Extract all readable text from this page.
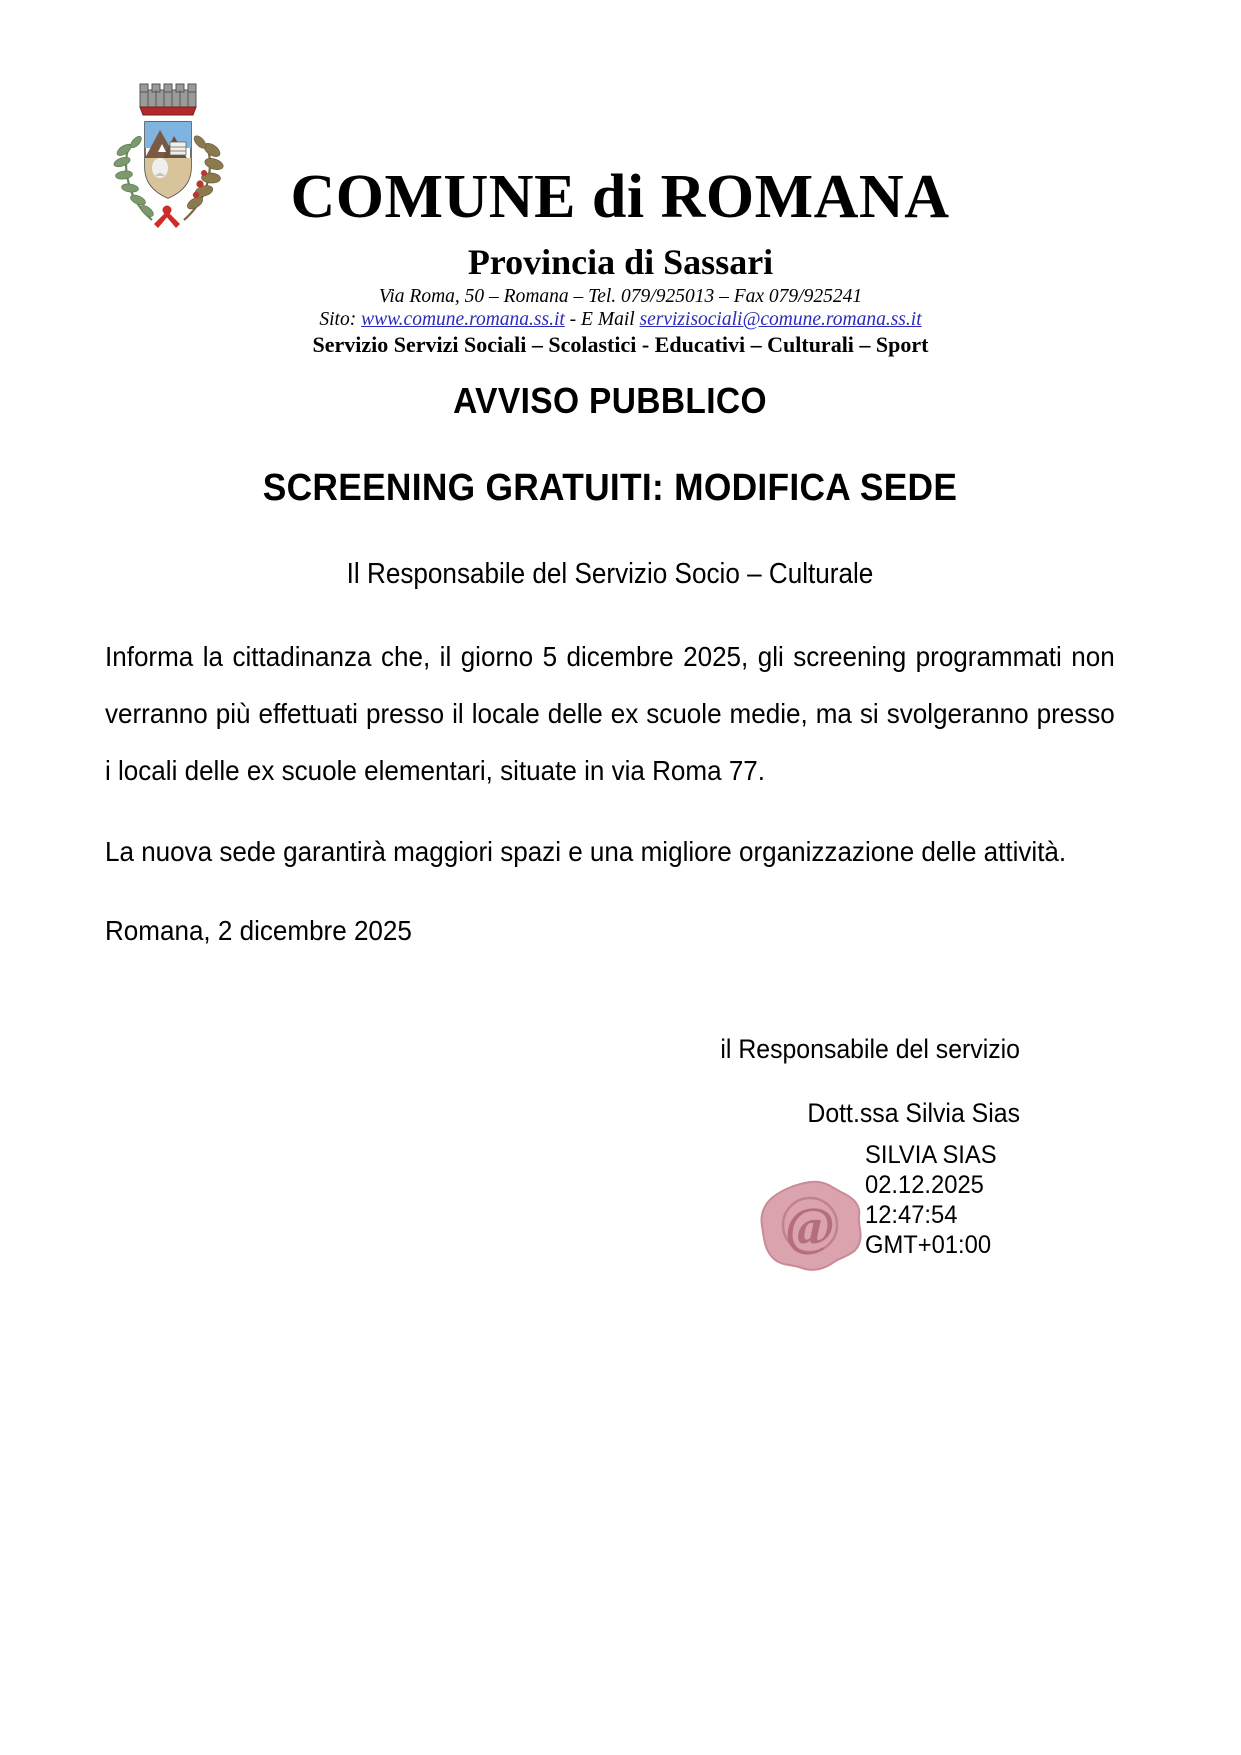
COMUNE di ROMANA
Provincia di Sassari
Via Roma, 50 – Romana – Tel. 079/925013 – Fax 079/925241
Sito: www.comune.romana.ss.it - E Mail servizisociali@comune.romana.ss.it
Servizio Servizi Sociali – Scolastici - Educativi – Culturali – Sport
AVVISO PUBBLICO
SCREENING GRATUITI: MODIFICA SEDE
Il Responsabile del Servizio Socio – Culturale
Informa la cittadinanza che, il giorno 5 dicembre 2025, gli screening programmati non verranno più effettuati presso il locale delle ex scuole medie, ma si svolgeranno presso i locali delle ex scuole elementari, situate in via Roma 77.
La nuova sede garantirà maggiori spazi e una migliore organizzazione delle attività.
Romana, 2 dicembre 2025
il Responsabile del servizio
Dott.ssa Silvia Sias
@
SILVIA SIAS
02.12.2025
12:47:54
GMT+01:00
